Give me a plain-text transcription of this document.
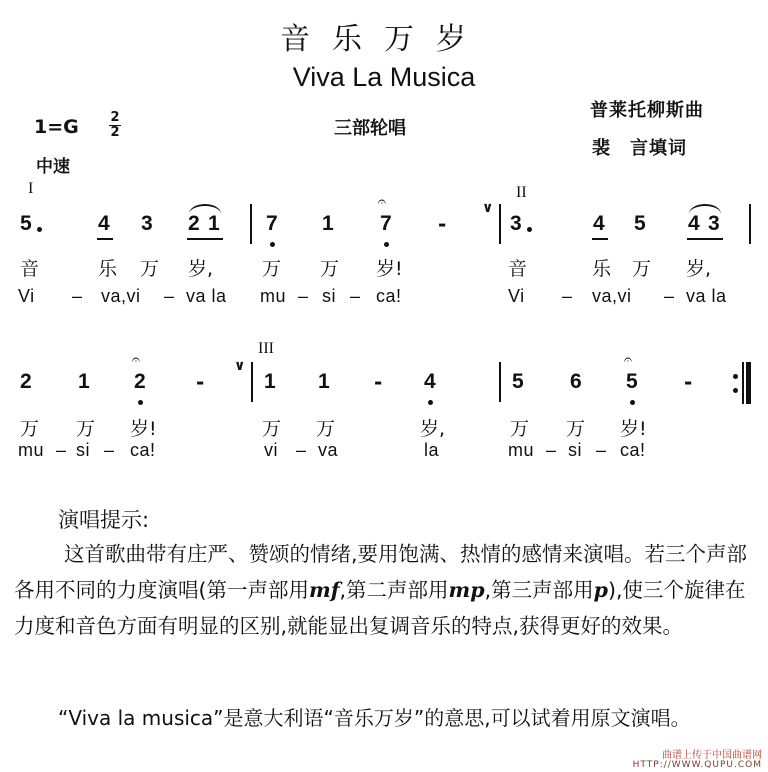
音乐万岁
Viva La Musica
1=G 2
2
中速
三部轮唱
普莱托柳斯曲
裴　言填词
I	II
5	4 3 2 1 7 1 7
𝄐
-
∨
3	4 5 4 3
音	乐 万 岁,	万 万 岁!	音	乐 万 岁,
Vi – va,vi – va la mu – si – ca!	Vi – va,vi – va la
III
2 1 2
𝄐
-
∨
1 1 - 4	5 6 5
𝄐
-
万 万 岁!	万 万	岁,	万 万 岁!
mu – si – ca!	vi – va	la	mu – si – ca!
演唱提示:
这首歌曲带有庄严、赞颂的情绪,要用饱满、热情的感情来演唱。若三个声部各用不同的力度演唱(第一声部用mf,第二声部用mp,第三声部用p),使三个旋律在力度和音色方面有明显的区别,就能显出复调音乐的特点,获得更好的效果。
“Viva la musica”是意大利语“音乐万岁”的意思,可以试着用原文演唱。
曲谱上传于中国曲谱网
HTTP://WWW.QUPU.COM
